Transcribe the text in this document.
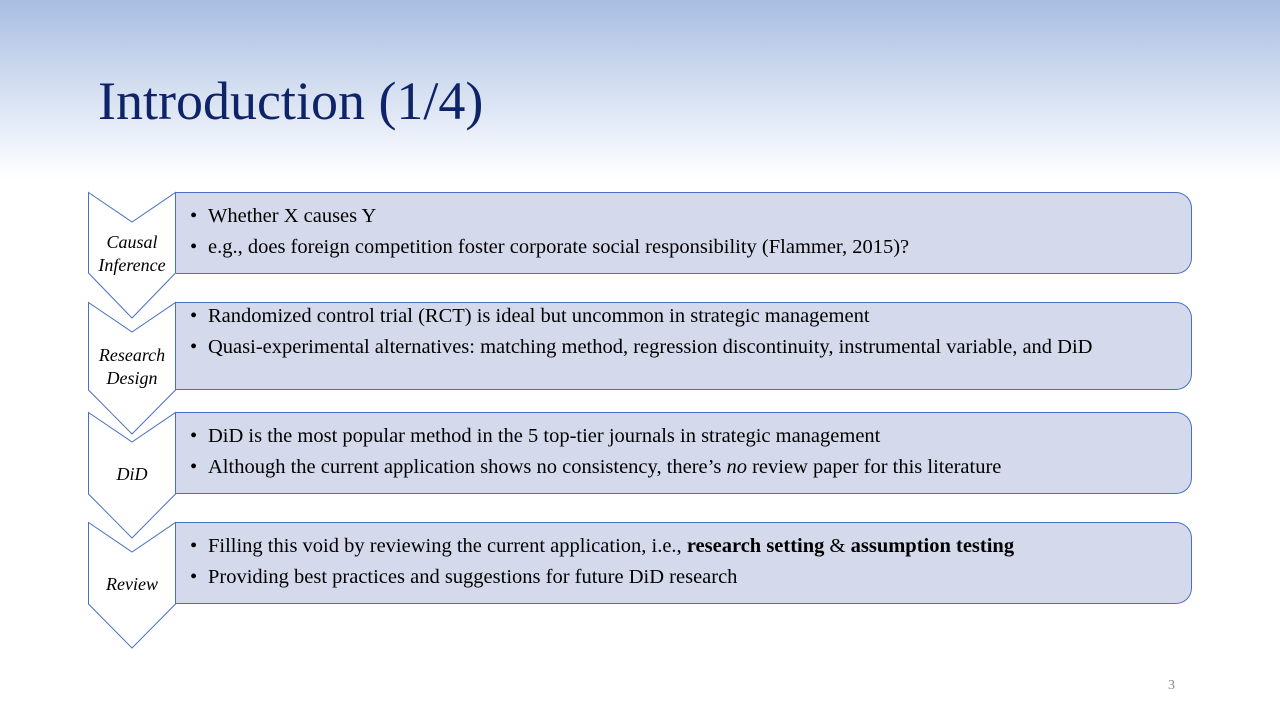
Introduction (1/4)
Causal
Inference
• Whether X causes Y
• e.g., does foreign competition foster corporate social responsibility (Flammer, 2015)?
Research
Design
• Randomized control trial (RCT) is ideal but uncommon in strategic management
• Quasi-experimental alternatives: matching method, regression discontinuity, instrumental variable, and DiD
DiD
• DiD is the most popular method in the 5 top-tier journals in strategic management
• Although the current application shows no consistency, there’s no review paper for this literature
Review
• Filling this void by reviewing the current application, i.e., research setting & assumption testing
• Providing best practices and suggestions for future DiD research
3
